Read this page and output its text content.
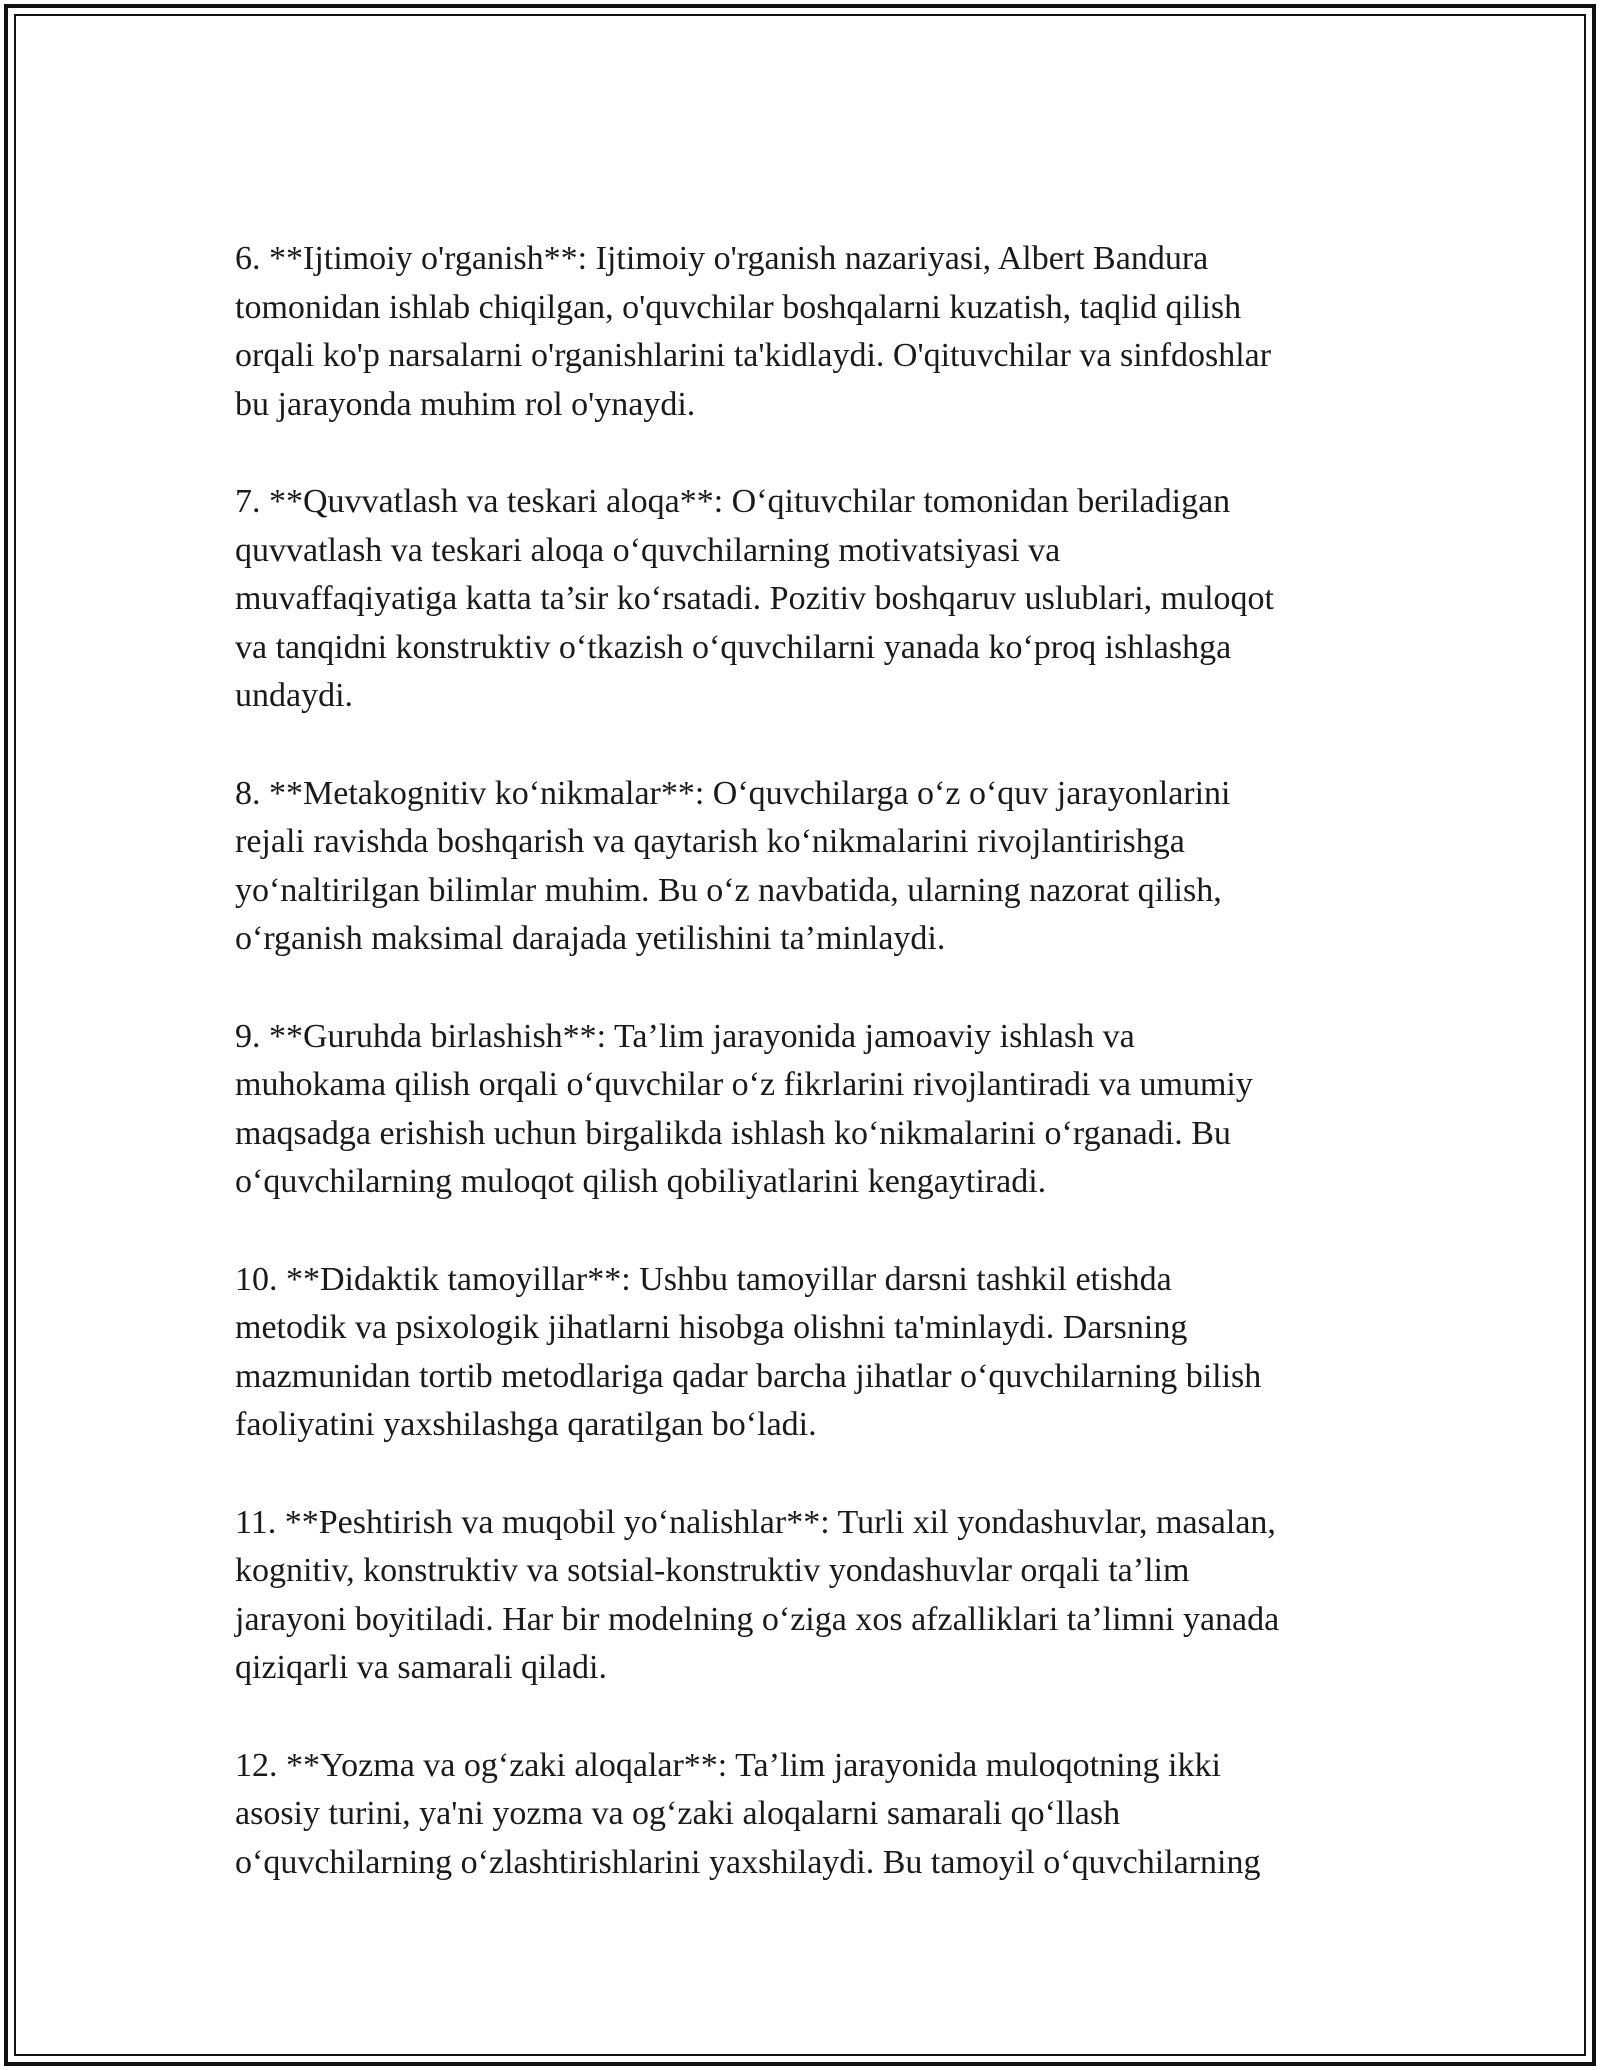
6. **Ijtimoiy o'rganish**: Ijtimoiy o'rganish nazariyasi, Albert Bandura
tomonidan ishlab chiqilgan, o'quvchilar boshqalarni kuzatish, taqlid qilish
orqali ko'p narsalarni o'rganishlarini ta'kidlaydi. O'qituvchilar va sinfdoshlar
bu jarayonda muhim rol o'ynaydi.

7. **Quvvatlash va teskari aloqa**: Oʻqituvchilar tomonidan beriladigan
quvvatlash va teskari aloqa oʻquvchilarning motivatsiyasi va
muvaffaqiyatiga katta ta’sir koʻrsatadi. Pozitiv boshqaruv uslublari, muloqot
va tanqidni konstruktiv oʻtkazish oʻquvchilarni yanada koʻproq ishlashga
undaydi.

8. **Metakognitiv koʻnikmalar**: Oʻquvchilarga oʻz oʻquv jarayonlarini
rejali ravishda boshqarish va qaytarish koʻnikmalarini rivojlantirishga
yoʻnaltirilgan bilimlar muhim. Bu oʻz navbatida, ularning nazorat qilish,
oʻrganish maksimal darajada yetilishini ta’minlaydi.

9. **Guruhda birlashish**: Ta’lim jarayonida jamoaviy ishlash va
muhokama qilish orqali oʻquvchilar oʻz fikrlarini rivojlantiradi va umumiy
maqsadga erishish uchun birgalikda ishlash koʻnikmalarini oʻrganadi. Bu
oʻquvchilarning muloqot qilish qobiliyatlarini kengaytiradi.

10. **Didaktik tamoyillar**: Ushbu tamoyillar darsni tashkil etishda
metodik va psixologik jihatlarni hisobga olishni ta'minlaydi. Darsning
mazmunidan tortib metodlariga qadar barcha jihatlar oʻquvchilarning bilish
faoliyatini yaxshilashga qaratilgan boʻladi.

11. **Peshtirish va muqobil yoʻnalishlar**: Turli xil yondashuvlar, masalan,
kognitiv, konstruktiv va sotsial-konstruktiv yondashuvlar orqali ta’lim
jarayoni boyitiladi. Har bir modelning oʻziga xos afzalliklari ta’limni yanada
qiziqarli va samarali qiladi.

12. **Yozma va ogʻzaki aloqalar**: Ta’lim jarayonida muloqotning ikki
asosiy turini, ya'ni yozma va ogʻzaki aloqalarni samarali qoʻllash
oʻquvchilarning oʻzlashtirishlarini yaxshilaydi. Bu tamoyil oʻquvchilarning
